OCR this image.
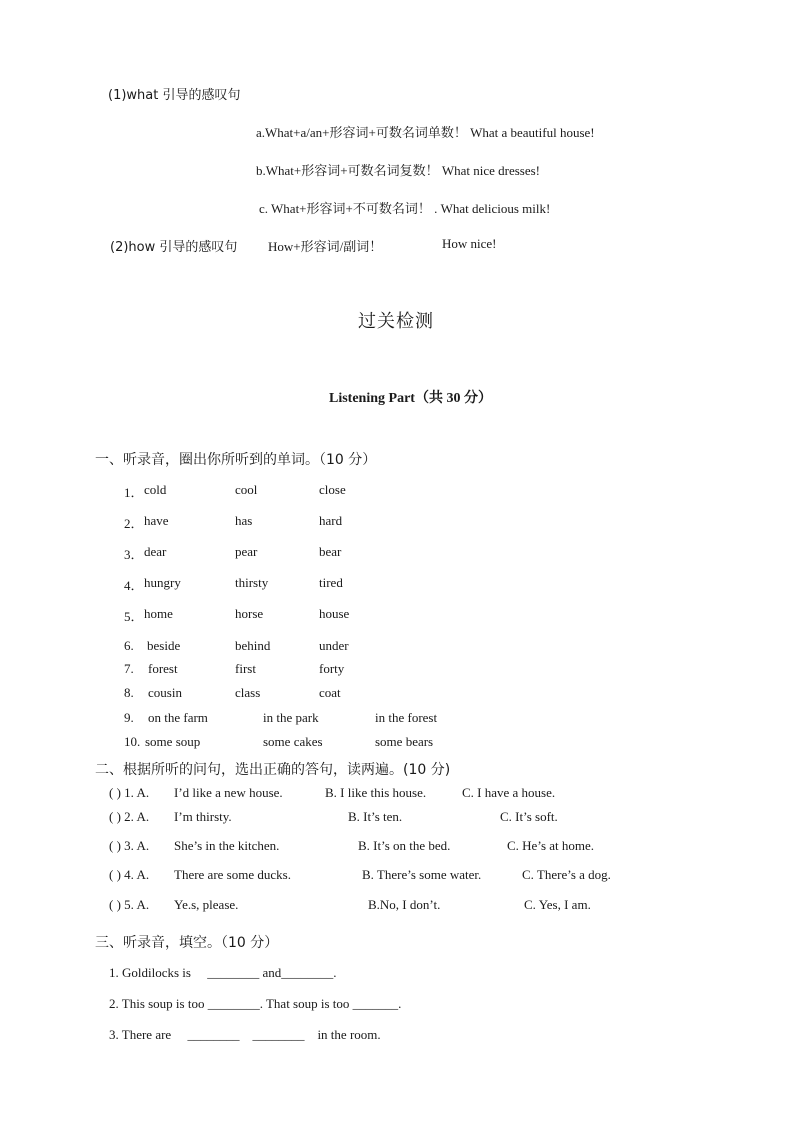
(1)what 引导的感叹句
a.What+a/an+形容词+可数名词单数！ What a beautiful house!
b.What+形容词+可数名词复数！ What nice dresses!
c. What+形容词+不可数名词！ . What delicious milk!
(2)how 引导的感叹句 How+形容词/副词！	How nice!
过关检测
Listening Part（共 30 分）
一、听录音，圈出你所听到的单词。（10 分）
1． cold	cool	close
2． have	has	hard
3． dear	pear	bear
4． hungry	thirsty	tired
5． home	horse	house
6. beside	behind	under
7. forest	first	forty
8. cousin	class	coat
9. on the farm	in the park	in the forest
10. some soup	some cakes	some bears
二、根据所听的问句，选出正确的答句，读两遍。(10 分)
( ) 1. A. I’d like a new house.	B. I like this house.	C. I have a house.
( ) 2. A. I’m thirsty.	B. It’s ten.	C. It’s soft.
( ) 3. A. She’s in the kitchen.	B. It’s on the bed.	C. He’s at home.
( ) 4. A. There are some ducks.	B. There’s some water.	C. There’s a dog.
( ) 5. A. Ye.s, please.	B.No, I don’t.	C. Yes, I am.
三、听录音，填空。（10 分）
1. Goldilocks is     ________ and________.
2. This soup is too ________. That soup is too _______.
3. There are     ________    ________    in the room.
